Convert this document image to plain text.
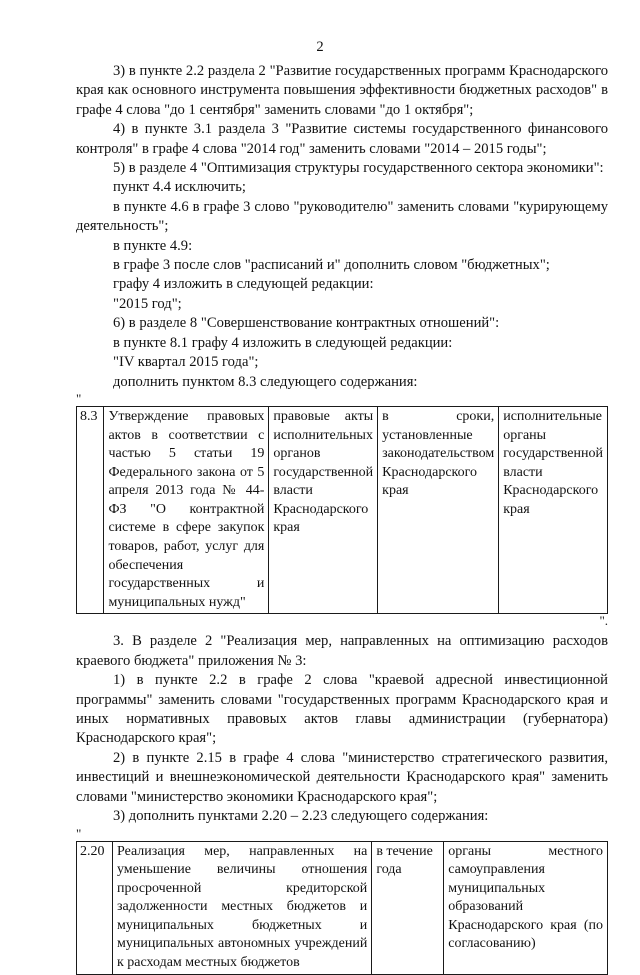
2

3) в пункте 2.2 раздела 2 "Развитие государственных программ Краснодарского края как основного инструмента повышения эффективности бюджетных расходов" в графе 4 слова "до 1 сентября" заменить словами "до 1 октября";

4) в пункте 3.1 раздела 3 "Развитие системы государственного финансового контроля" в графе 4 слова "2014 год" заменить словами "2014 – 2015 годы";

5) в разделе 4 "Оптимизация структуры государственного сектора экономики":

пункт 4.4 исключить;

в пункте 4.6 в графе 3 слово "руководителю" заменить словами "курирующему деятельность";

в пункте 4.9:

в графе 3 после слов "расписаний и" дополнить словом "бюджетных";

графу 4 изложить в следующей редакции:

"2015 год";

6) в разделе 8 "Совершенствование контрактных отношений":

в пункте 8.1 графу 4 изложить в следующей редакции:

"IV квартал 2015 года";

дополнить пунктом 8.3 следующего содержания:

"

8.3	Утверждение правовых актов в соответствии с частью 5 статьи 19 Федерального закона от 5 апреля 2013 года № 44-ФЗ "О контрактной системе в сфере закупок товаров, работ, услуг для обеспечения государственных и муниципальных нужд"	правовые акты исполнительных органов государственной власти Краснодарского края	в сроки, установленные законодательством Краснодарского края	исполнительные органы государственной власти Краснодарского края

".

3. В разделе 2 "Реализация мер, направленных на оптимизацию расходов краевого бюджета" приложения № 3:

1) в пункте 2.2 в графе 2 слова "краевой адресной инвестиционной программы" заменить словами "государственных программ Краснодарского края и иных нормативных правовых актов главы администрации (губернатора) Краснодарского края";

2) в пункте 2.15 в графе 4 слова "министерство стратегического развития, инвестиций и внешнеэкономической деятельности Краснодарского края" заменить словами "министерство экономики Краснодарского края";

3) дополнить пунктами 2.20 – 2.23 следующего содержания:

"

2.20	Реализация мер, направленных на уменьшение величины отношения просроченной кредиторской задолженности местных бюджетов и муниципальных бюджетных и муниципальных автономных учреждений к расходам местных бюджетов	в течение года	органы местного самоуправления муниципальных образований Краснодарского края (по согласованию)
